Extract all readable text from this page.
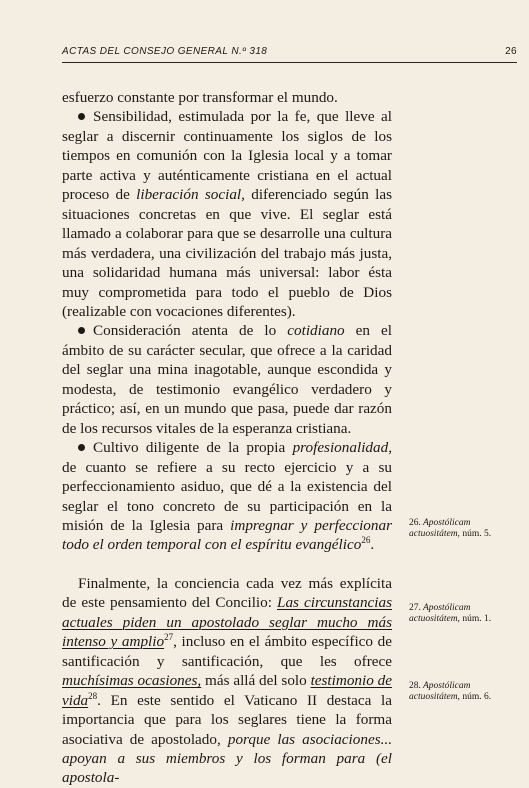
ACTAS DEL CONSEJO GENERAL N.º 318	26

esfuerzo constante por transformar el mundo.

Sensibilidad, estimulada por la fe, que lleve al seglar a discernir continuamente los siglos de los tiempos en comunión con la Iglesia local y a tomar parte activa y auténticamente cristiana en el actual proceso de liberación social, diferenciado según las situaciones concretas en que vive. El seglar está llamado a colaborar para que se desarrolle una cultura más verdadera, una civilización del trabajo más justa, una solidaridad humana más universal: labor ésta muy comprometida para todo el pueblo de Dios (realizable con vocaciones diferentes).

Consideración atenta de lo cotidiano en el ámbito de su carácter secular, que ofrece a la caridad del seglar una mina inagotable, aunque escondida y modesta, de testimonio evangélico verdadero y práctico; así, en un mundo que pasa, puede dar razón de los recursos vitales de la esperanza cristiana.

Cultivo diligente de la propia profesionalidad, de cuanto se refiere a su recto ejercicio y a su perfeccionamiento asiduo, que dé a la existencia del seglar el tono concreto de su participación en la misión de la Iglesia para impregnar y perfeccionar todo el orden temporal con el espíritu evangélico$^{26}$.

Finalmente, la conciencia cada vez más explícita de este pensamiento del Concilio: Las circunstancias actuales piden un apostolado seglar mucho más intenso y amplio$^{27}$, incluso en el ámbito específico de santificación y santificación, que les ofrece muchísimas ocasiones, más allá del solo testimonio de vida$^{28}$. En este sentido el Vaticano II destaca la importancia que para los seglares tiene la forma asociativa de apostolado, porque las asociaciones... apoyan a sus miembros y los forman para (el apostola-

26. Apostólicam actuositátem, núm. 5.
27. Apostólicam actuositátem, núm. 1.
28. Apostólicam actuositátem, núm. 6.
